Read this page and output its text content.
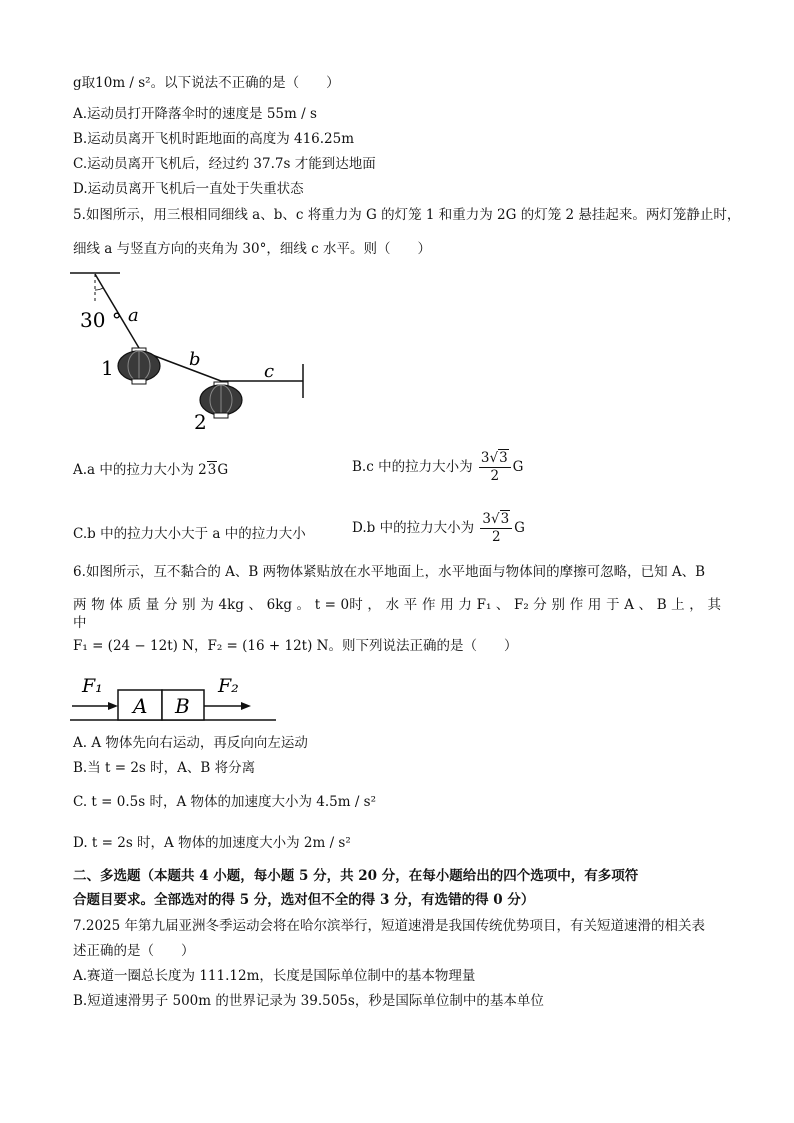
g取10m / s²。以下说法不正确的是（　　）
A.运动员打开降落伞时的速度是 55m / s
B.运动员离开飞机时距地面的高度为 416.25m
C.运动员离开飞机后，经过约 37.7s 才能到达地面
D.运动员离开飞机后一直处于失重状态
5.如图所示，用三根相同细线 a、b、c 将重力为 G 的灯笼 1 和重力为 2G 的灯笼 2 悬挂起来。两灯笼静止时，
细线 a 与竖直方向的夹角为 30°，细线 c 水平。则（　　）
30 ° a
b
c
1
2
A.a 中的拉力大小为 23G	B.c 中的拉力大小为 $\frac{3√3}{2}$ G
C.b 中的拉力大小大于 a 中的拉力大小	D.b 中的拉力大小为 $\frac{3√3}{2}$ G
6.如图所示，互不黏合的 A、B 两物体紧贴放在水平地面上，水平地面与物体间的摩擦可忽略，已知 A、B
两 物 体 质 量 分 别 为 4kg 、 6kg 。 t = 0时 ， 水 平 作 用 力 F₁ 、 F₂ 分 别 作 用 于 A 、 B 上 ， 其 中
F₁ = (24 − 12t) N，F₂ = (16 + 12t) N。则下列说法正确的是（　　）
F₁	F₂
A B
A. A 物体先向右运动，再反向向左运动
B.当 t = 2s 时，A、B 将分离
C. t = 0.5s 时，A 物体的加速度大小为 4.5m / s²
D. t = 2s 时，A 物体的加速度大小为 2m / s²
二、多选题（本题共 4 小题，每小题 5 分，共 20 分，在每小题给出的四个选项中，有多项符
合题目要求。全部选对的得 5 分，选对但不全的得 3 分，有选错的得 0 分）
7.2025 年第九届亚洲冬季运动会将在哈尔滨举行，短道速滑是我国传统优势项目，有关短道速滑的相关表
述正确的是（　　）
A.赛道一圈总长度为 111.12m，长度是国际单位制中的基本物理量
B.短道速滑男子 500m 的世界记录为 39.505s，秒是国际单位制中的基本单位
